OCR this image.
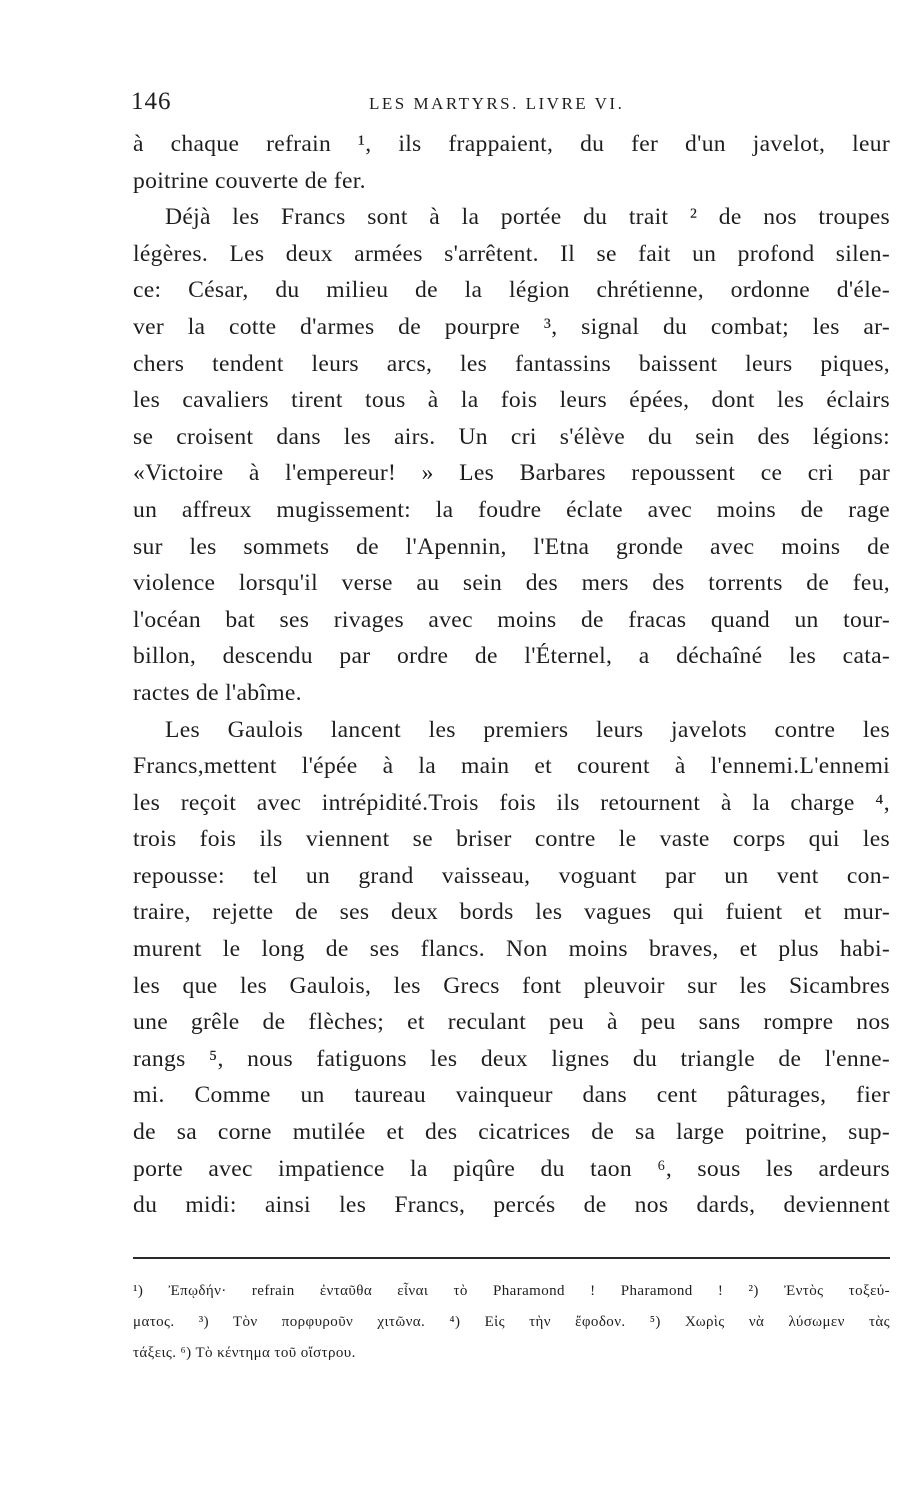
146	LES MARTYRS. LIVRE VI.
à chaque refrain ¹, ils frappaient, du fer d'un javelot, leur
poitrine couverte de fer.
Déjà les Francs sont à la portée du trait ² de nos troupes
légères. Les deux armées s'arrêtent. Il se fait un profond silen-
ce: César, du milieu de la légion chrétienne, ordonne d'éle-
ver la cotte d'armes de pourpre ³, signal du combat; les ar-
chers tendent leurs arcs, les fantassins baissent leurs piques,
les cavaliers tirent tous à la fois leurs épées, dont les éclairs
se croisent dans les airs. Un cri s'élève du sein des légions:
«Victoire à l'empereur! » Les Barbares repoussent ce cri par
un affreux mugissement: la foudre éclate avec moins de rage
sur les sommets de l'Apennin, l'Etna gronde avec moins de
violence lorsqu'il verse au sein des mers des torrents de feu,
l'océan bat ses rivages avec moins de fracas quand un tour-
billon, descendu par ordre de l'Éternel, a déchaîné les cata-
ractes de l'abîme.
Les Gaulois lancent les premiers leurs javelots contre les
Francs,mettent l'épée à la main et courent à l'ennemi.L'ennemi
les reçoit avec intrépidité.Trois fois ils retournent à la charge ⁴,
trois fois ils viennent se briser contre le vaste corps qui les
repousse: tel un grand vaisseau, voguant par un vent con-
traire, rejette de ses deux bords les vagues qui fuient et mur-
murent le long de ses flancs. Non moins braves, et plus habi-
les que les Gaulois, les Grecs font pleuvoir sur les Sicambres
une grêle de flèches; et reculant peu à peu sans rompre nos
rangs ⁵, nous fatiguons les deux lignes du triangle de l'enne-
mi. Comme un taureau vainqueur dans cent pâturages, fier
de sa corne mutilée et des cicatrices de sa large poitrine, sup-
porte avec impatience la piqûre du taon ⁶, sous les ardeurs
du midi: ainsi les Francs, percés de nos dards, deviennent
¹) Ἐπῳδήν· refrain ἐνταῦθα εἶναι τὸ Pharamond ! Pharamond ! ²) Ἐντὸς τοξεύ-
ματος. ³) Τὸν πορφυροῦν χιτῶνα. ⁴) Εἰς τὴν ἔφοδον. ⁵) Χωρὶς νὰ λύσωμεν τὰς
τάξεις. ⁶) Τὸ κέντημα τοῦ οἴστρου.
